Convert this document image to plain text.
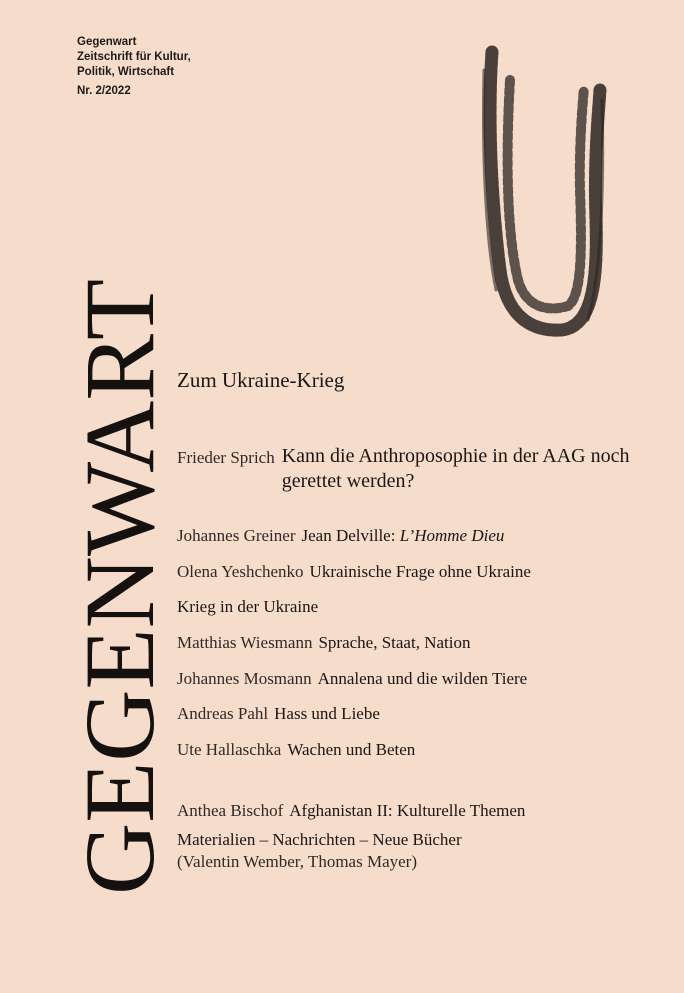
Gegenwart
Zeitschrift für Kultur,
Politik, Wirtschaft
Nr. 2/2022
GEGENWART Zum Ukraine-Krieg
Frieder Sprich Kann die Anthroposophie in der AAG noch gerettet werden?
Johannes Greiner Jean Delville: L’Homme Dieu
Olena Yeshchenko Ukrainische Frage ohne Ukraine
Krieg in der Ukraine
Matthias Wiesmann Sprache, Staat, Nation
Johannes Mosmann Annalena und die wilden Tiere
Andreas Pahl Hass und Liebe
Ute Hallaschka Wachen und Beten
Anthea Bischof Afghanistan II: Kulturelle Themen
Materialien – Nachrichten – Neue Bücher
(Valentin Wember, Thomas Mayer)
